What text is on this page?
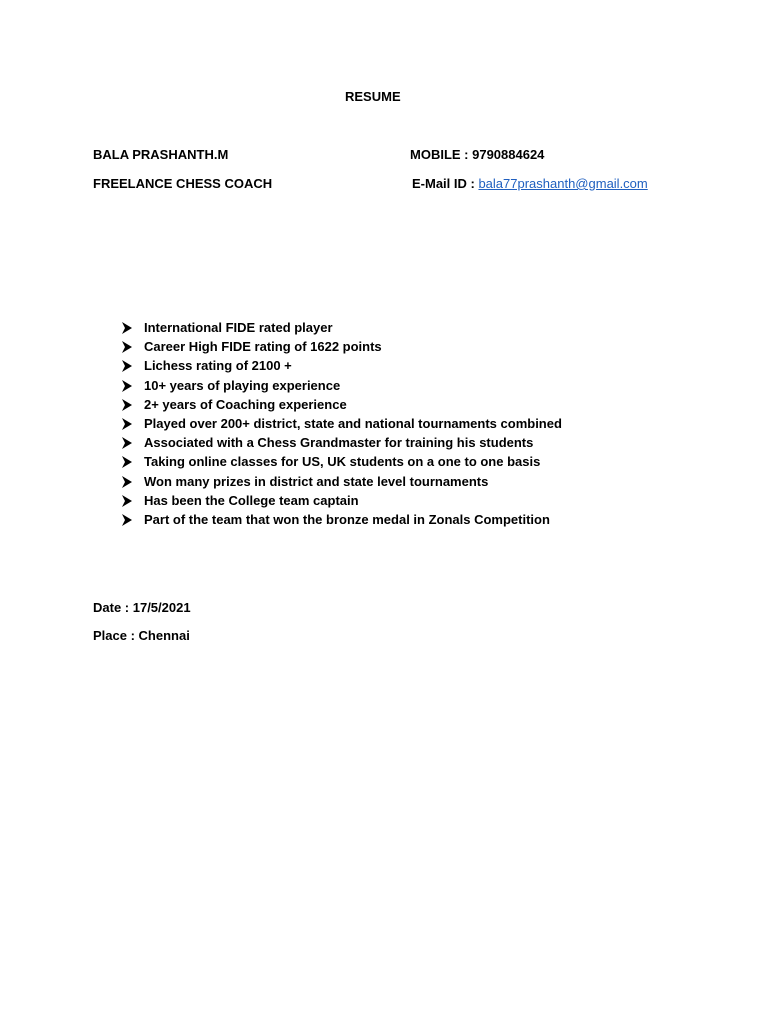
RESUME
BALA PRASHANTH.M	MOBILE : 9790884624
FREELANCE CHESS COACH	E-Mail ID : bala77prashanth@gmail.com
International FIDE rated player
Career High FIDE rating of 1622 points
Lichess rating of 2100 +
10+ years of playing experience
2+ years of Coaching experience
Played over 200+ district, state and national tournaments combined
Associated with a Chess Grandmaster for training his students
Taking online classes for US, UK students on a one to one basis
Won many prizes in district and state level tournaments
Has been the College team captain
Part of the team that won the bronze medal in Zonals Competition
Date : 17/5/2021
Place : Chennai
